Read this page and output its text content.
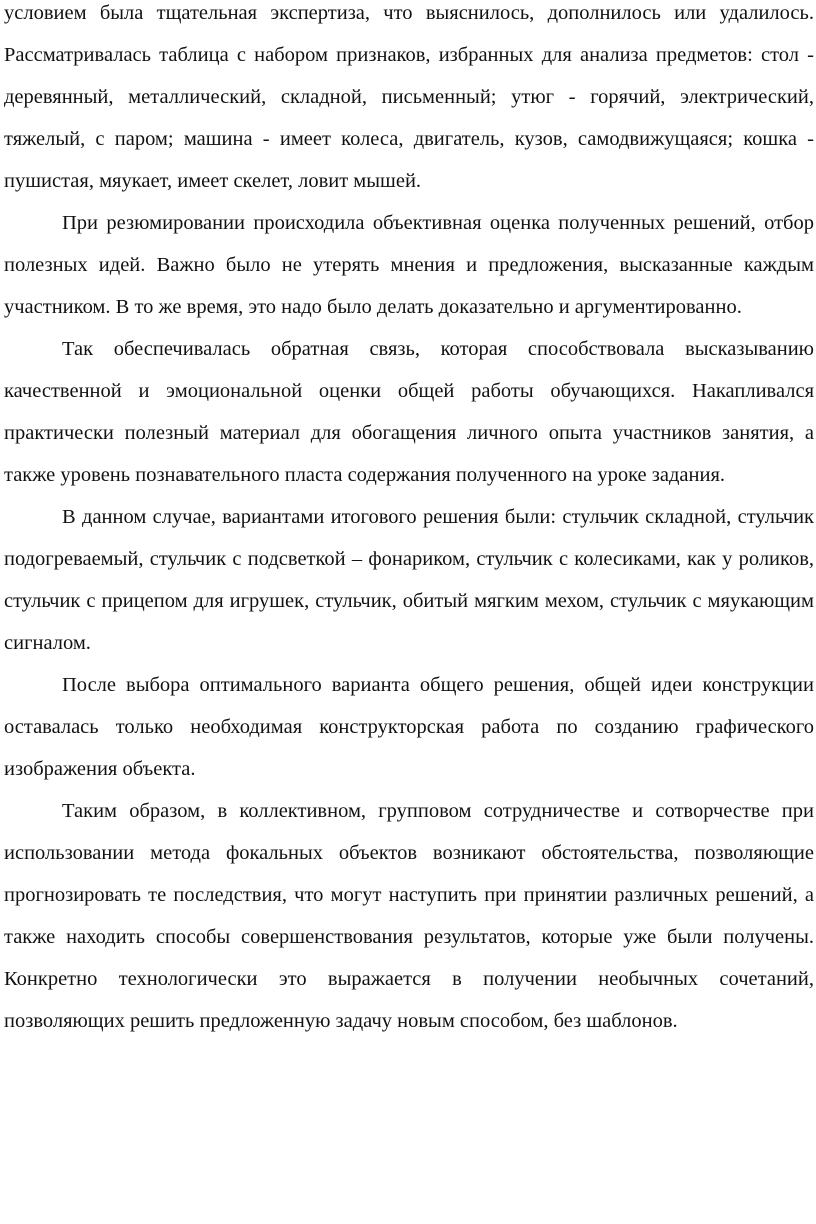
условием была тщательная экспертиза, что выяснилось, дополнилось или удалилось. Рассматривалась таблица с набором признаков, избранных для анализа предметов: стол - деревянный, металлический, складной, письменный; утюг - горячий, электрический, тяжелый, с паром; машина - имеет колеса, двигатель, кузов, самодвижущаяся; кошка - пушистая, мяукает, имеет скелет, ловит мышей.

При резюмировании происходила объективная оценка полученных решений, отбор полезных идей. Важно было не утерять мнения и предложения, высказанные каждым участником. В то же время, это надо было делать доказательно и аргументированно.

Так обеспечивалась обратная связь, которая способствовала высказыванию качественной и эмоциональной оценки общей работы обучающихся. Накапливался практически полезный материал для обогащения личного опыта участников занятия, а также уровень познавательного пласта содержания полученного на уроке задания.

В данном случае, вариантами итогового решения были: стульчик складной, стульчик подогреваемый, стульчик с подсветкой – фонариком, стульчик с колесиками, как у роликов, стульчик с прицепом для игрушек, стульчик, обитый мягким мехом, стульчик с мяукающим сигналом.

После выбора оптимального варианта общего решения, общей идеи конструкции оставалась только необходимая конструкторская работа по созданию графического изображения объекта.

Таким образом, в коллективном, групповом сотрудничестве и сотворчестве при использовании метода фокальных объектов возникают обстоятельства, позволяющие прогнозировать те последствия, что могут наступить при принятии различных решений, а также находить способы совершенствования результатов, которые уже были получены. Конкретно технологически это выражается в получении необычных сочетаний, позволяющих решить предложенную задачу новым способом, без шаблонов.
